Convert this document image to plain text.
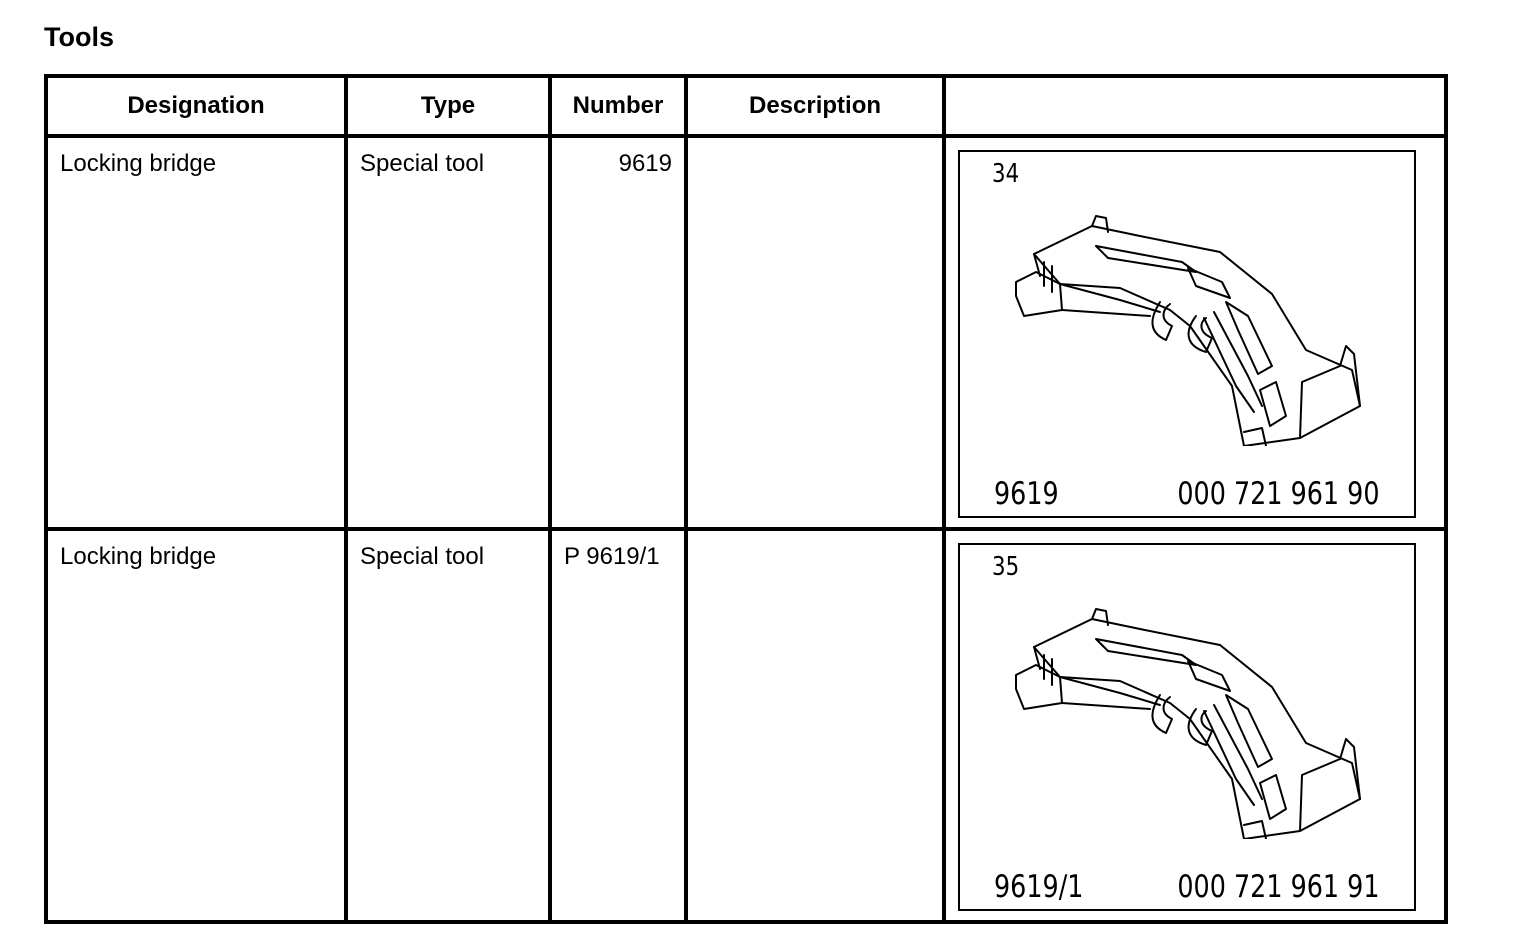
Tools
Designation	Type	Number	Description	
Locking bridge	Special tool	9619		34
9619 000 721 961 90

Locking bridge	Special tool	P 9619/1		35
9619/1 000 721 961 91
